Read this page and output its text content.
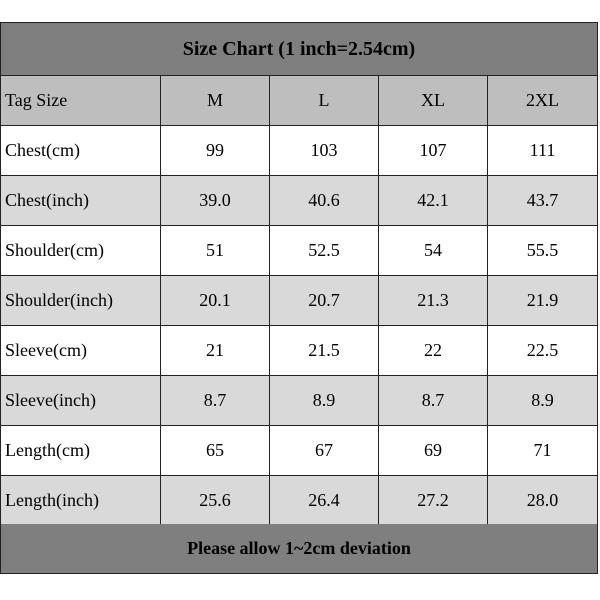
Size Chart (1 inch=2.54cm)
Tag Size	M	L	XL	2XL
Chest(cm)	99	103	107	111
Chest(inch)	39.0	40.6	42.1	43.7
Shoulder(cm)	51	52.5	54	55.5
Shoulder(inch)	20.1	20.7	21.3	21.9
Sleeve(cm)	21	21.5	22	22.5
Sleeve(inch)	8.7	8.9	8.7	8.9
Length(cm)	65	67	69	71
Length(inch)	25.6	26.4	27.2	28.0
Please allow 1~2cm deviation
